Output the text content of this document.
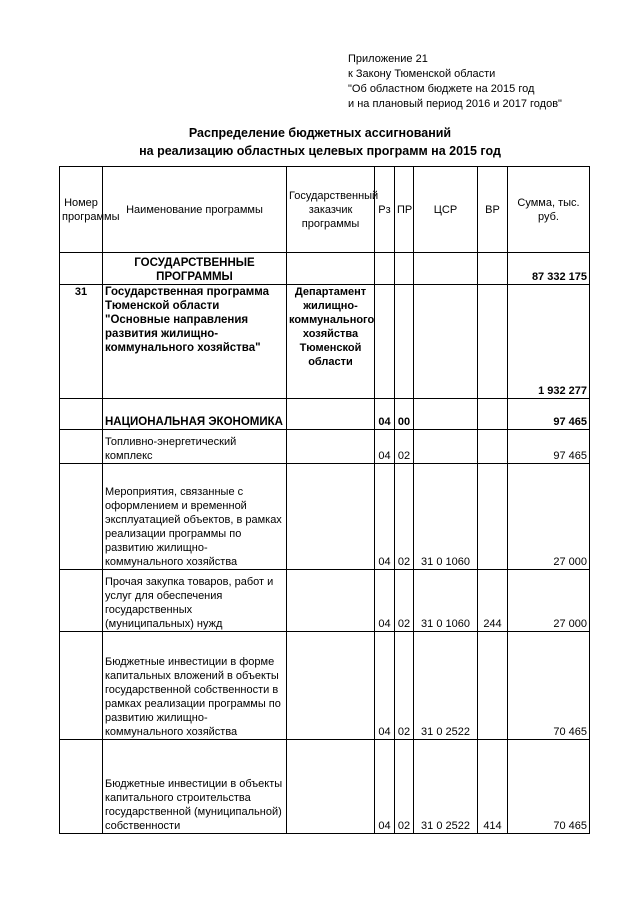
Приложение 21
к Закону Тюменской области
"Об областном бюджете на 2015 год
и на плановый период 2016 и 2017 годов"
Распределение бюджетных ассигнований
на реализацию областных целевых программ на 2015 год
Номер программы	Наименование программы	Государственный заказчик программы	Рз	ПР	ЦСР	ВР	Сумма, тыс. руб.
	ГОСУДАРСТВЕННЫЕ ПРОГРАММЫ						87 332 175
31	Государственная программа Тюменской области "Основные направления развития жилищно-коммунального хозяйства"	Департамент жилищно-коммунального хозяйства Тюменской области					1 932 277
	НАЦИОНАЛЬНАЯ ЭКОНОМИКА		04	00			97 465
	Топливно-энергетический комплекс		04	02			97 465
	Мероприятия, связанные с оформлением и временной эксплуатацией объектов, в рамках реализации программы по развитию жилищно-коммунального хозяйства		04	02	31 0 1060		27 000
	Прочая закупка товаров, работ и услуг для обеспечения государственных (муниципальных) нужд		04	02	31 0 1060	244	27 000
	Бюджетные инвестиции в форме капитальных вложений в объекты государственной собственности в рамках реализации программы по развитию жилищно-коммунального хозяйства		04	02	31 0 2522		70 465
	Бюджетные инвестиции в объекты капитального строительства государственной (муниципальной) собственности		04	02	31 0 2522	414	70 465
